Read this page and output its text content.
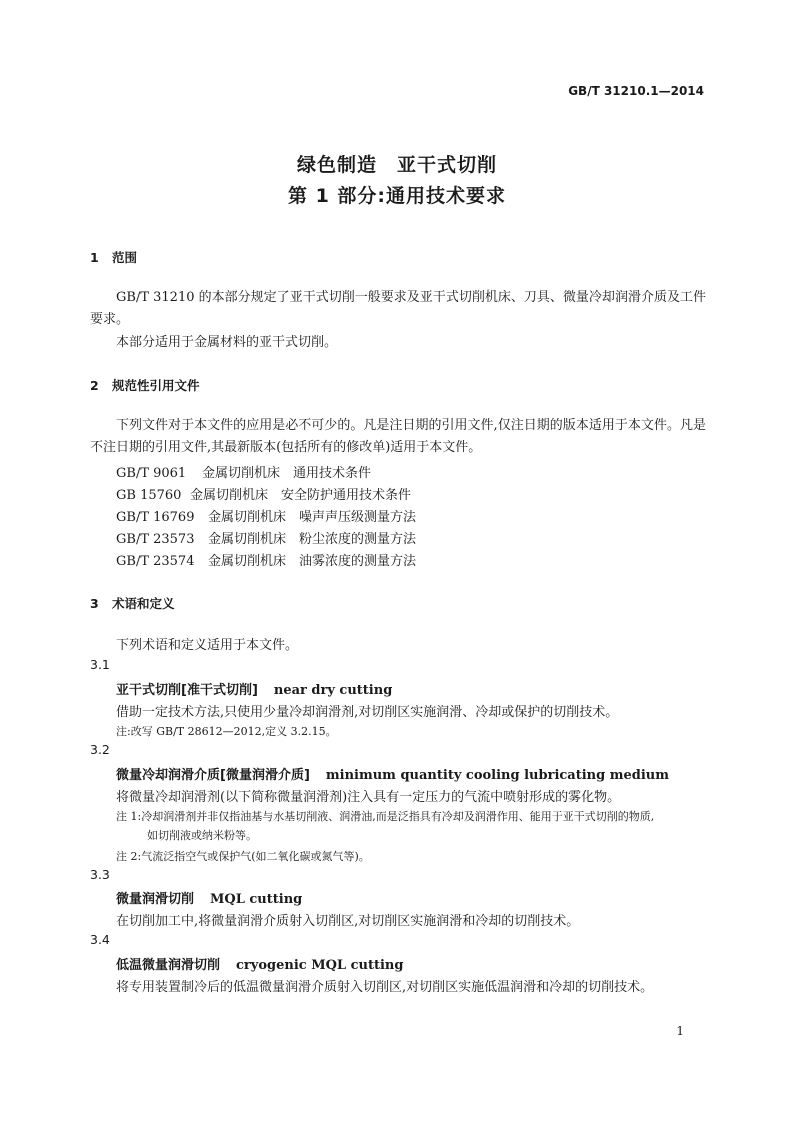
GB/T 31210.1—2014
绿色制造　亚干式切削
第 1 部分:通用技术要求
1 范围
GB/T 31210 的本部分规定了亚干式切削一般要求及亚干式切削机床、刀具、微量冷却润滑介质及工件要求。
本部分适用于金属材料的亚干式切削。
2 规范性引用文件
下列文件对于本文件的应用是必不可少的。凡是注日期的引用文件,仅注日期的版本适用于本文件。凡是不注日期的引用文件,其最新版本(包括所有的修改单)适用于本文件。
GB/T 9061 金属切削机床　通用技术条件
GB 15760 金属切削机床　安全防护通用技术条件
GB/T 16769 金属切削机床　噪声声压级测量方法
GB/T 23573 金属切削机床　粉尘浓度的测量方法
GB/T 23574 金属切削机床　油雾浓度的测量方法
3 术语和定义
下列术语和定义适用于本文件。
3.1
亚干式切削[准干式切削] near dry cutting
借助一定技术方法,只使用少量冷却润滑剂,对切削区实施润滑、冷却或保护的切削技术。
注:改写 GB/T 28612—2012,定义 3.2.15。
3.2
微量冷却润滑介质[微量润滑介质] minimum quantity cooling lubricating medium
将微量冷却润滑剂(以下简称微量润滑剂)注入具有一定压力的气流中喷射形成的雾化物。
注 1:冷却润滑剂并非仅指油基与水基切削液、润滑油,而是泛指具有冷却及润滑作用、能用于亚干式切削的物质,
如切削液或纳米粉等。
注 2:气流泛指空气或保护气(如二氧化碳或氮气等)。
3.3
微量润滑切削 MQL cutting
在切削加工中,将微量润滑介质射入切削区,对切削区实施润滑和冷却的切削技术。
3.4
低温微量润滑切削 cryogenic MQL cutting
将专用装置制冷后的低温微量润滑介质射入切削区,对切削区实施低温润滑和冷却的切削技术。
1
